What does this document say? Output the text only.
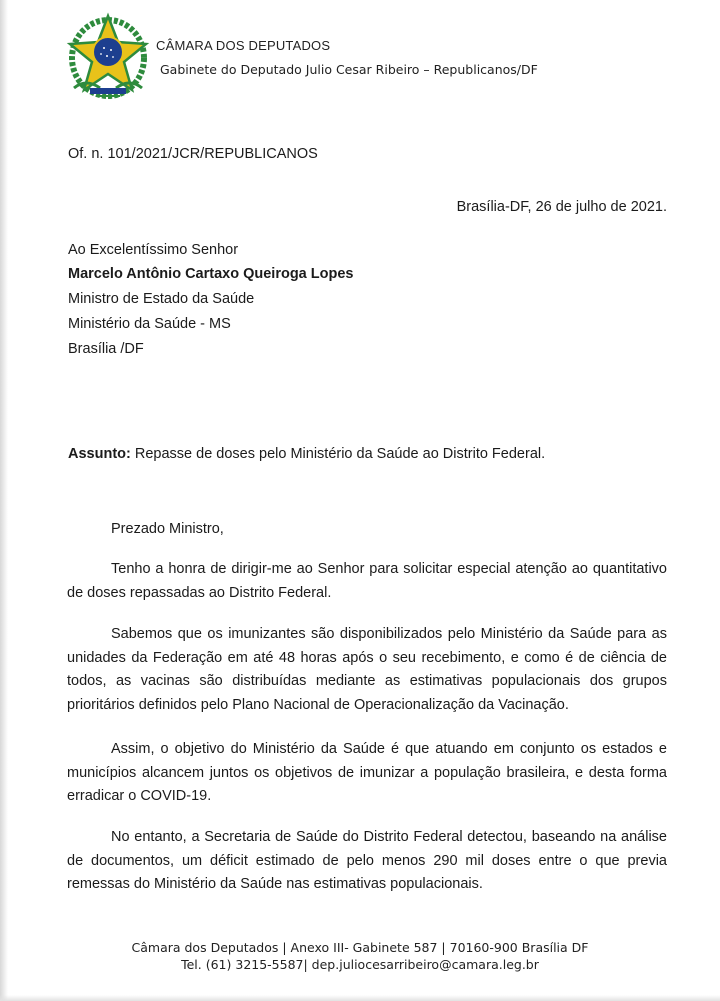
CÂMARA DOS DEPUTADOS
Gabinete do Deputado Julio Cesar Ribeiro – Republicanos/DF
Of. n. 101/2021/JCR/REPUBLICANOS
Brasília-DF, 26 de julho de 2021.
Ao Excelentíssimo Senhor
Marcelo Antônio Cartaxo Queiroga Lopes
Ministro de Estado da Saúde
Ministério da Saúde - MS
Brasília /DF
Assunto: Repasse de doses pelo Ministério da Saúde ao Distrito Federal.
Prezado Ministro,

Tenho a honra de dirigir-me ao Senhor para solicitar especial atenção ao quantitativo de doses repassadas ao Distrito Federal.

Sabemos que os imunizantes são disponibilizados pelo Ministério da Saúde para as unidades da Federação em até 48 horas após o seu recebimento, e como é de ciência de todos, as vacinas são distribuídas mediante as estimativas populacionais dos grupos prioritários definidos pelo Plano Nacional de Operacionalização da Vacinação.

Assim, o objetivo do Ministério da Saúde é que atuando em conjunto os estados e municípios alcancem juntos os objetivos de imunizar a população brasileira, e desta forma erradicar o COVID-19.

No entanto, a Secretaria de Saúde do Distrito Federal detectou, baseando na análise de documentos, um déficit estimado de pelo menos 290 mil doses entre o que previa remessas do Ministério da Saúde nas estimativas populacionais.

Câmara dos Deputados | Anexo III- Gabinete 587 | 70160-900 Brasília DF
Tel. (61) 3215-5587| dep.juliocesarribeiro@camara.leg.br
